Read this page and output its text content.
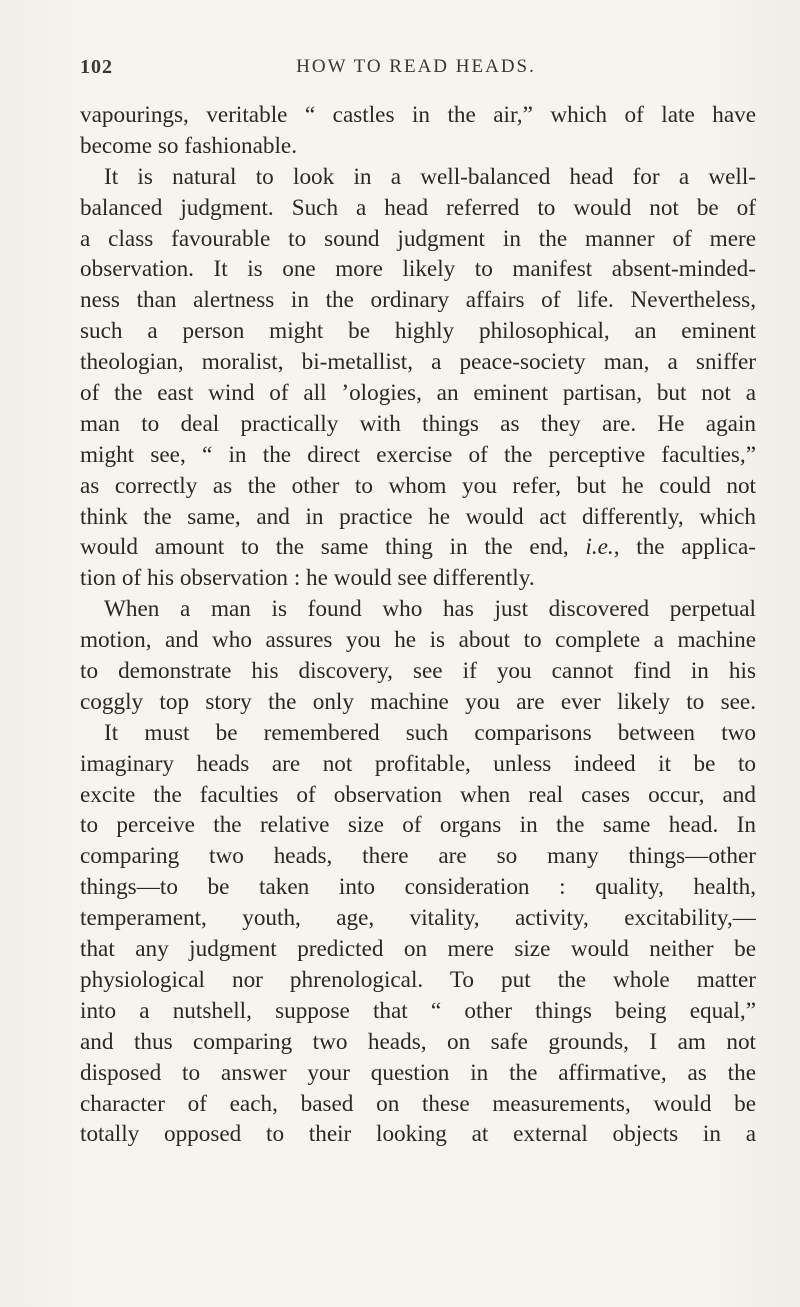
102	HOW TO READ HEADS.
vapourings, veritable “ castles in the air,” which of late have
become so fashionable.
It is natural to look in a well-balanced head for a well-
balanced judgment. Such a head referred to would not be of
a class favourable to sound judgment in the manner of mere
observation. It is one more likely to manifest absent-minded-
ness than alertness in the ordinary affairs of life. Nevertheless,
such a person might be highly philosophical, an eminent
theologian, moralist, bi-metallist, a peace-society man, a sniffer
of the east wind of all ’ologies, an eminent partisan, but not a
man to deal practically with things as they are. He again
might see, “ in the direct exercise of the perceptive faculties,”
as correctly as the other to whom you refer, but he could not
think the same, and in practice he would act differently, which
would amount to the same thing in the end, i.e., the applica-
tion of his observation : he would see differently.
When a man is found who has just discovered perpetual
motion, and who assures you he is about to complete a machine
to demonstrate his discovery, see if you cannot find in his
coggly top story the only machine you are ever likely to see.
It must be remembered such comparisons between two
imaginary heads are not profitable, unless indeed it be to
excite the faculties of observation when real cases occur, and
to perceive the relative size of organs in the same head. In
comparing two heads, there are so many things—other
things—to be taken into consideration : quality, health,
temperament, youth, age, vitality, activity, excitability,—
that any judgment predicted on mere size would neither be
physiological nor phrenological. To put the whole matter
into a nutshell, suppose that “ other things being equal,”
and thus comparing two heads, on safe grounds, I am not
disposed to answer your question in the affirmative, as the
character of each, based on these measurements, would be
totally opposed to their looking at external objects in a
